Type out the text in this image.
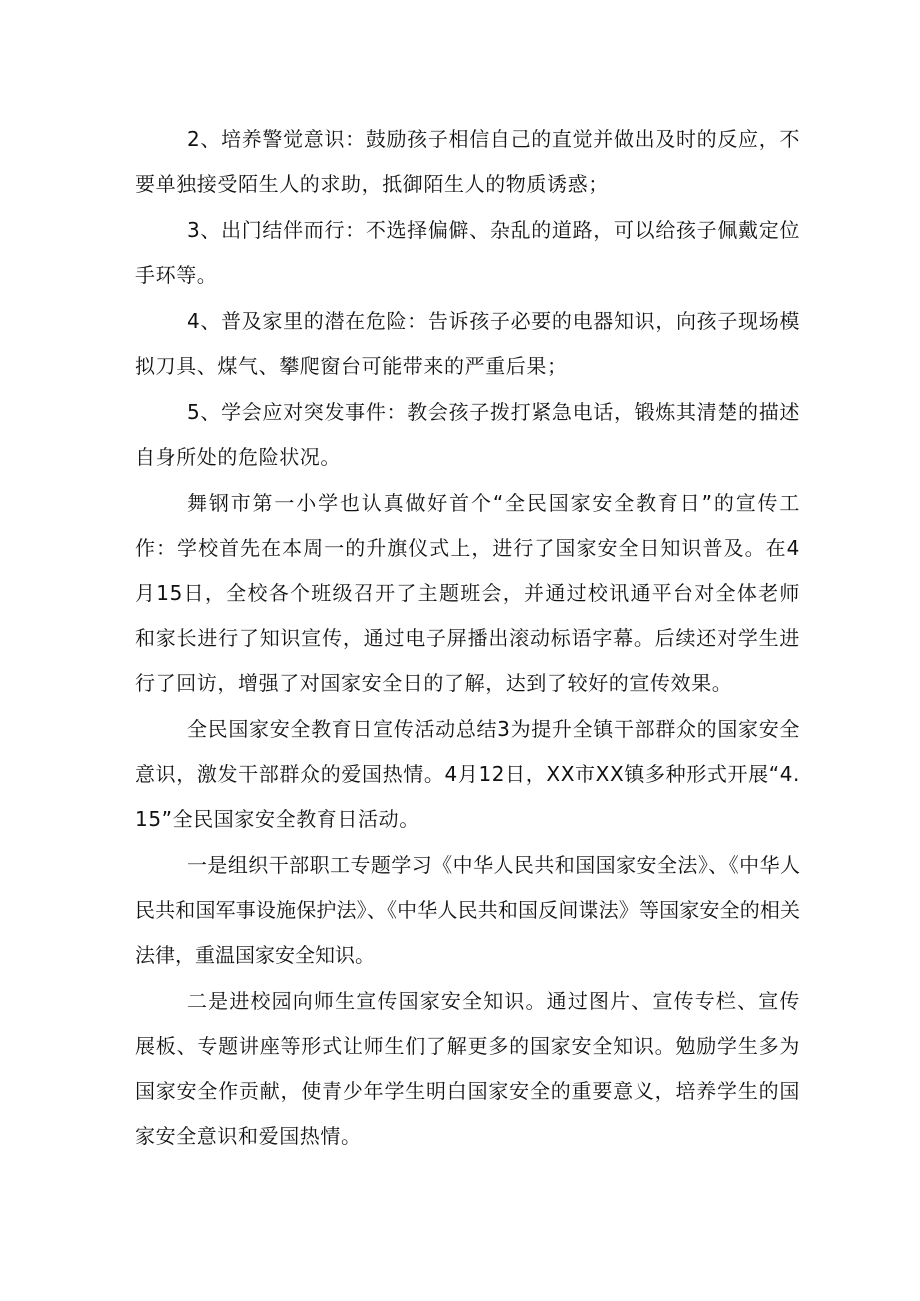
2、培养警觉意识：鼓励孩子相信自己的直觉并做出及时的反应，不要单独接受陌生人的求助，抵御陌生人的物质诱惑；

3、出门结伴而行：不选择偏僻、杂乱的道路，可以给孩子佩戴定位手环等。

4、普及家里的潜在危险：告诉孩子必要的电器知识，向孩子现场模拟刀具、煤气、攀爬窗台可能带来的严重后果；

5、学会应对突发事件：教会孩子拨打紧急电话，锻炼其清楚的描述自身所处的危险状况。

舞钢市第一小学也认真做好首个“全民国家安全教育日”的宣传工作：学校首先在本周一的升旗仪式上，进行了国家安全日知识普及。在4月15日，全校各个班级召开了主题班会，并通过校讯通平台对全体老师和家长进行了知识宣传，通过电子屏播出滚动标语字幕。后续还对学生进行了回访，增强了对国家安全日的了解，达到了较好的宣传效果。

全民国家安全教育日宣传活动总结3为提升全镇干部群众的国家安全意识，激发干部群众的爱国热情。4月12日，XX市XX镇多种形式开展“4.15”全民国家安全教育日活动。

一是组织干部职工专题学习《中华人民共和国国家安全法》、《中华人民共和国军事设施保护法》、《中华人民共和国反间谍法》等国家安全的相关法律，重温国家安全知识。

二是进校园向师生宣传国家安全知识。通过图片、宣传专栏、宣传展板、专题讲座等形式让师生们了解更多的国家安全知识。勉励学生多为国家安全作贡献，使青少年学生明白国家安全的重要意义，培养学生的国家安全意识和爱国热情。
